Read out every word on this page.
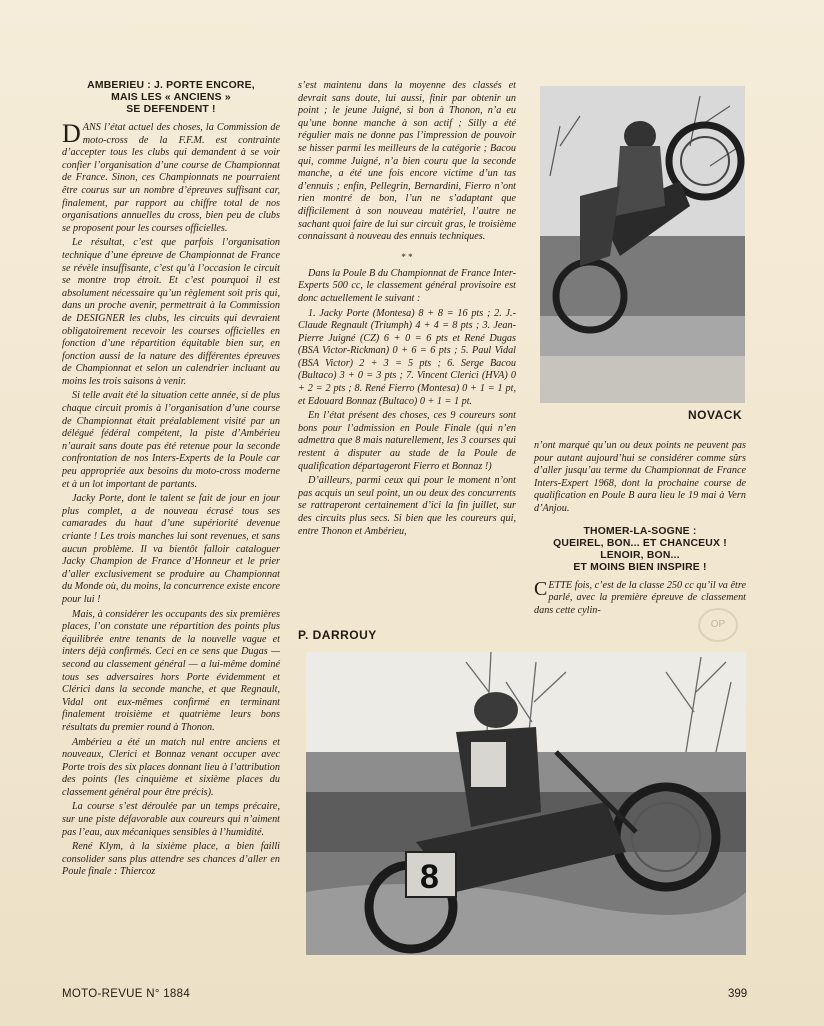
AMBERIEU : J. PORTE ENCORE,
MAIS LES « ANCIENS »
SE DEFENDENT !

DANS l’état actuel des choses, la Commission de moto-cross de la F.F.M. est contrainte d’accepter tous les clubs qui demandent à se voir confier l’organisation d’une course de Championnat de France. Sinon, ces Championnats ne pourraient être courus sur un nombre d’épreuves suffisant car, finalement, par rapport au chiffre total de nos organisations annuelles du cross, bien peu de clubs se proposent pour les courses officielles.

Le résultat, c’est que parfois l’organisation technique d’une épreuve de Championnat de France se révèle insuffisante, c’est qu’à l’occasion le circuit se montre trop étroit. Et c’est pourquoi il est absolument nécessaire qu’un règlement soit pris qui, dans un proche avenir, permettrait à la Commission de DESIGNER les clubs, les circuits qui devraient obligatoirement recevoir les courses officielles en fonction d’une répartition équitable bien sur, en fonction aussi de la nature des différentes épreuves de Championnat et selon un calendrier incluant au moins les trois saisons à venir.

Si telle avait été la situation cette année, si de plus chaque circuit promis à l’organisation d’une course de Championnat était préalablement visité par un délégué fédéral compétent, la piste d’Ambérieu n’aurait sans doute pas été retenue pour la seconde confrontation de nos Inters-Experts de la Poule car peu appropriée aux besoins du moto-cross moderne et à un lot important de partants.

Jacky Porte, dont le talent se fait de jour en jour plus complet, a de nouveau écrasé tous ses camarades du haut d’une supériorité devenue criante ! Les trois manches lui sont revenues, et sans aucun problème. Il va bientôt falloir cataloguer Jacky Champion de France d’Honneur et le prier d’aller exclusivement se produire au Championnat du Monde où, du moins, la concurrence existe encore pour lui !

Mais, à considérer les occupants des six premières places, l’on constate une répartition des points plus équilibrée entre tenants de la nouvelle vague et inters déjà confirmés. Ceci en ce sens que Dugas — second au classement général — a lui-même dominé tous ses adversaires hors Porte évidemment et Clérici dans la seconde manche, et que Regnault, Vidal ont eux-mêmes confirmé en terminant finalement troisième et quatrième leurs bons résultats du premier round à Thonon.

Ambérieu a été un match nul entre anciens et nouveaux, Clerici et Bonnaz venant occuper avec Porte trois des six places donnant lieu à l’attribution des points (les cinquième et sixième places du classement général pour être précis).

La course s’est déroulée par un temps précaire, sur une piste défavorable aux coureurs qui n’aiment pas l’eau, aux mécaniques sensibles à l’humidité.

René Klym, à la sixième place, a bien failli consolider sans plus attendre ses chances d’aller en Poule finale : Thiercoz

s’est maintenu dans la moyenne des classés et devrait sans doute, lui aussi, finir par obtenir un point ; le jeune Juigné, si bon à Thonon, n’a eu qu’une bonne manche à son actif ; Silly a été régulier mais ne donne pas l’impression de pouvoir se hisser parmi les meilleurs de la catégorie ; Bacou qui, comme Juigné, n’a bien couru que la seconde manche, a été une fois encore victime d’un tas d’ennuis ; enfin, Pellegrin, Bernardini, Fierro n’ont rien montré de bon, l’un ne s’adaptant que difficilement à son nouveau matériel, l’autre ne sachant quoi faire de lui sur circuit gras, le troisième connaissant à nouveau des ennuis techniques.

* *

Dans la Poule B du Championnat de France Inter-Experts 500 cc, le classement général provisoire est donc actuellement le suivant :

1. Jacky Porte (Montesa) 8 + 8 = 16 pts ; 2. J.-Claude Regnault (Triumph) 4 + 4 = 8 pts ; 3. Jean-Pierre Juigné (CZ) 6 + 0 = 6 pts et René Dugas (BSA Victor-Rickman) 0 + 6 = 6 pts ; 5. Paul Vidal (BSA Victor) 2 + 3 = 5 pts ; 6. Serge Bacou (Bultaco) 3 + 0 = 3 pts ; 7. Vincent Clerici (HVA) 0 + 2 = 2 pts ; 8. René Fierro (Montesa) 0 + 1 = 1 pt, et Edouard Bonnaz (Bultaco) 0 + 1 = 1 pt.

En l’état présent des choses, ces 9 coureurs sont bons pour l’admission en Poule Finale (qui n’en admettra que 8 mais naturellement, les 3 courses qui restent à disputer au stade de la Poule de qualification départageront Fierro et Bonnaz !)

D’ailleurs, parmi ceux qui pour le moment n’ont pas acquis un seul point, un ou deux des concurrents se rattraperont certainement d’ici la fin juillet, sur des circuits plus secs. Si bien que les coureurs qui, entre Thonon et Ambérieu,

OP
NOVACK

n’ont marqué qu’un ou deux points ne peuvent pas pour autant aujourd’hui se considérer comme sûrs d’aller jusqu’au terme du Championnat de France Inters-Expert 1968, dont la prochaine course de qualification en Poule B aura lieu le 19 mai à Vern d’Anjou.

THOMER-LA-SOGNE :
QUEIREL, BON... ET CHANCEUX !
LENOIR, BON...
ET MOINS BIEN INSPIRE !

CETTE fois, c’est de la classe 250 cc qu’il va être parlé, avec la première épreuve de classement dans cette cylin-

P. DARROUY
8
MOTO-REVUE N° 1884	399
